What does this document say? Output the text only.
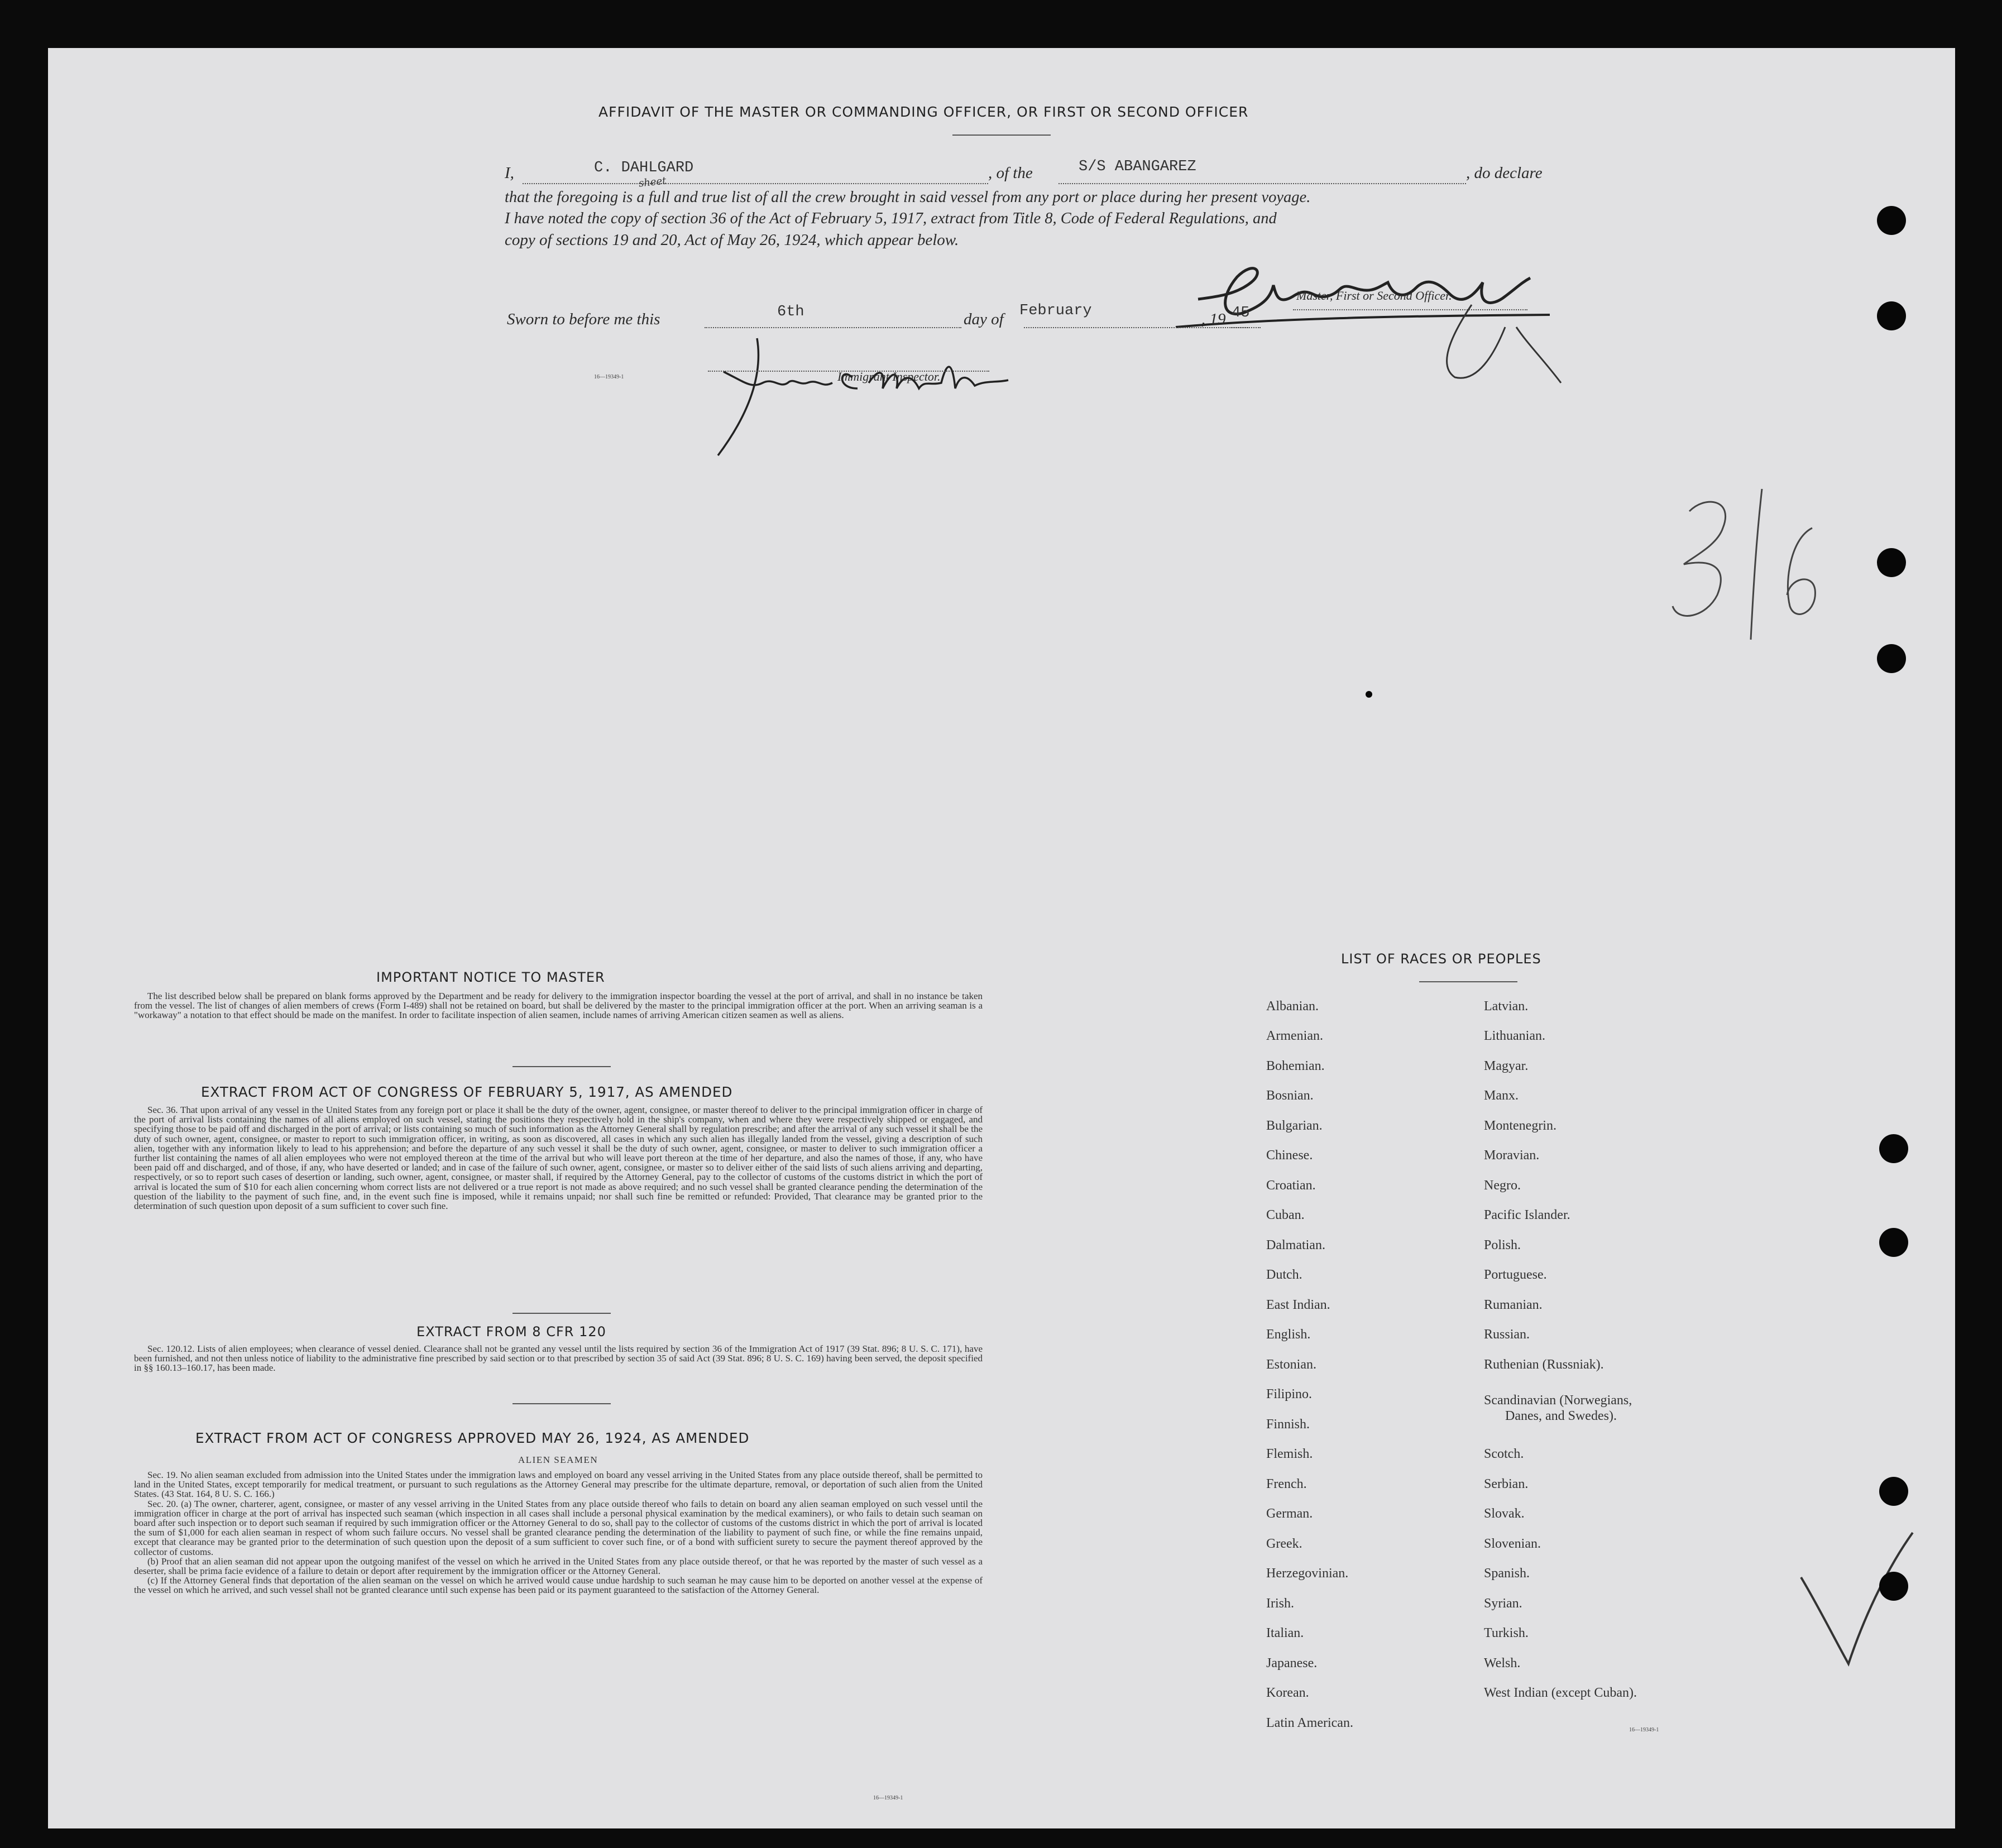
AFFIDAVIT OF THE MASTER OR COMMANDING OFFICER, OR FIRST OR SECOND OFFICER
I,	C. DAHLGARD	, of the	S/S ABANGAREZ	, do declare
that the foregoing is a full and true list of all the crew brought in said vessel from any port or place during her present voyage.
sheet
I have noted the copy of section 36 of the Act of February 5, 1917, extract from Title 8, Code of Federal Regulations, and
copy of sections 19 and 20, Act of May 26, 1924, which appear below.
Master, First or Second Officer.
Sworn to before me this	6th	day of February	, 19 45
Immigrant Inspector.
16—19349-1
IMPORTANT NOTICE TO MASTER

The list described below shall be prepared on blank forms approved by the Department and be ready for delivery to the immigration inspector boarding the vessel at the port of arrival, and shall in no instance be taken from the vessel. The list of changes of alien members of crews (Form I-489) shall not be retained on board, but shall be delivered by the master to the principal immigration officer at the port. When an arriving seaman is a "workaway" a notation to that effect should be made on the manifest. In order to facilitate inspection of alien seamen, include names of arriving American citizen seamen as well as aliens.

EXTRACT FROM ACT OF CONGRESS OF FEBRUARY 5, 1917, AS AMENDED

Sec. 36. That upon arrival of any vessel in the United States from any foreign port or place it shall be the duty of the owner, agent, consignee, or master thereof to deliver to the principal immigration officer in charge of the port of arrival lists containing the names of all aliens employed on such vessel, stating the positions they respectively hold in the ship's company, when and where they were respectively shipped or engaged, and specifying those to be paid off and discharged in the port of arrival; or lists containing so much of such information as the Attorney General shall by regulation prescribe; and after the arrival of any such vessel it shall be the duty of such owner, agent, consignee, or master to report to such immigration officer, in writing, as soon as discovered, all cases in which any such alien has illegally landed from the vessel, giving a description of such alien, together with any information likely to lead to his apprehension; and before the departure of any such vessel it shall be the duty of such owner, agent, consignee, or master to deliver to such immigration officer a further list containing the names of all alien employees who were not employed thereon at the time of the arrival but who will leave port thereon at the time of her departure, and also the names of those, if any, who have been paid off and discharged, and of those, if any, who have deserted or landed; and in case of the failure of such owner, agent, consignee, or master so to deliver either of the said lists of such aliens arriving and departing, respectively, or so to report such cases of desertion or landing, such owner, agent, consignee, or master shall, if required by the Attorney General, pay to the collector of customs of the customs district in which the port of arrival is located the sum of $10 for each alien concerning whom correct lists are not delivered or a true report is not made as above required; and no such vessel shall be granted clearance pending the determination of the question of the liability to the payment of such fine, and, in the event such fine is imposed, while it remains unpaid; nor shall such fine be remitted or refunded: Provided, That clearance may be granted prior to the determination of such question upon deposit of a sum sufficient to cover such fine.

EXTRACT FROM 8 CFR 120

Sec. 120.12. Lists of alien employees; when clearance of vessel denied. Clearance shall not be granted any vessel until the lists required by section 36 of the Immigration Act of 1917 (39 Stat. 896; 8 U. S. C. 171), have been furnished, and not then unless notice of liability to the administrative fine prescribed by said section or to that prescribed by section 35 of said Act (39 Stat. 896; 8 U. S. C. 169) having been served, the deposit specified in §§ 160.13–160.17, has been made.

EXTRACT FROM ACT OF CONGRESS APPROVED MAY 26, 1924, AS AMENDED
ALIEN SEAMEN

Sec. 19. No alien seaman excluded from admission into the United States under the immigration laws and employed on board any vessel arriving in the United States from any place outside thereof, shall be permitted to land in the United States, except temporarily for medical treatment, or pursuant to such regulations as the Attorney General may prescribe for the ultimate departure, removal, or deportation of such alien from the United States. (43 Stat. 164, 8 U. S. C. 166.)

Sec. 20. (a) The owner, charterer, agent, consignee, or master of any vessel arriving in the United States from any place outside thereof who fails to detain on board any alien seaman employed on such vessel until the immigration officer in charge at the port of arrival has inspected such seaman (which inspection in all cases shall include a personal physical examination by the medical examiners), or who fails to detain such seaman on board after such inspection or to deport such seaman if required by such immigration officer or the Attorney General to do so, shall pay to the collector of customs of the customs district in which the port of arrival is located the sum of $1,000 for each alien seaman in respect of whom such failure occurs. No vessel shall be granted clearance pending the determination of the liability to payment of such fine, or while the fine remains unpaid, except that clearance may be granted prior to the determination of such question upon the deposit of a sum sufficient to cover such fine, or of a bond with sufficient surety to secure the payment thereof approved by the collector of customs.

(b) Proof that an alien seaman did not appear upon the outgoing manifest of the vessel on which he arrived in the United States from any place outside thereof, or that he was reported by the master of such vessel as a deserter, shall be prima facie evidence of a failure to detain or deport after requirement by the immigration officer or the Attorney General.

(c) If the Attorney General finds that deportation of the alien seaman on the vessel on which he arrived would cause undue hardship to such seaman he may cause him to be deported on another vessel at the expense of the vessel on which he arrived, and such vessel shall not be granted clearance until such expense has been paid or its payment guaranteed to the satisfaction of the Attorney General.

16—19349-1
LIST OF RACES OR PEOPLES
Albanian.
Armenian.
Bohemian.
Bosnian.
Bulgarian.
Chinese.
Croatian.
Cuban.
Dalmatian.
Dutch.
East Indian.
English.
Estonian.
Filipino.
Finnish.
Flemish.
French.
German.
Greek.
Herzegovinian.
Irish.
Italian.
Japanese.
Korean.
Latin American.
Latvian.
Lithuanian.
Magyar.
Manx.
Montenegrin.
Moravian.
Negro.
Pacific Islander.
Polish.
Portuguese.
Rumanian.
Russian.
Ruthenian (Russniak).
Scandinavian (Norwegians,
Danes, and Swedes).
Scotch.
Serbian.
Slovak.
Slovenian.
Spanish.
Syrian.
Turkish.
Welsh.
West Indian (except Cuban).
16—19349-1
